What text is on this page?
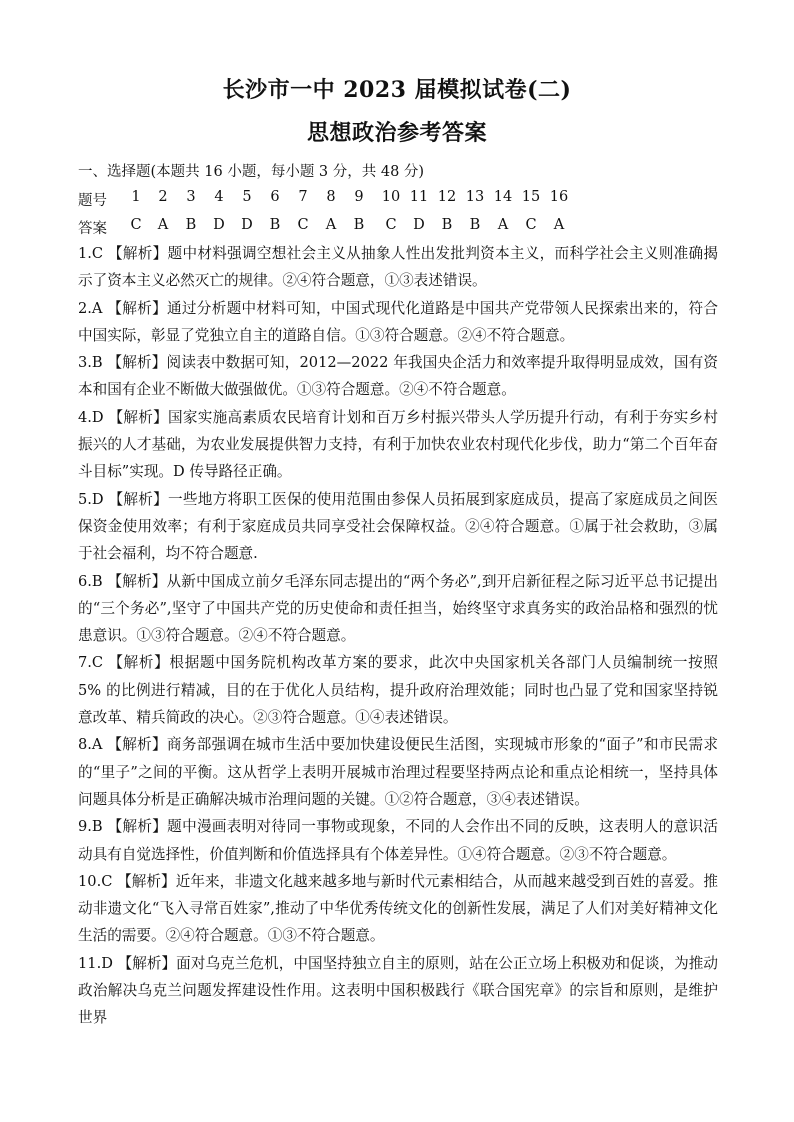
长沙市一中 2023 届模拟试卷(二)
思想政治参考答案
一、选择题(本题共 16 小题，每小题 3 分，共 48 分)
题号	1	2	3	4	5	6	7	8	9	10 11 12 13 14 15 16
答案	C	A	B	D	D	B	C	A	B	C	D	B	B	A	C	A

1.C 【解析】题中材料强调空想社会主义从抽象人性出发批判资本主义，而科学社会主义则准确揭示了资本主义必然灭亡的规律。②④符合题意，①③表述错误。

2.A 【解析】通过分析题中材料可知，中国式现代化道路是中国共产党带领人民探索出来的，符合中国实际，彰显了党独立自主的道路自信。①③符合题意。②④不符合题意。

3.B 【解析】阅读表中数据可知，2012—2022 年我国央企活力和效率提升取得明显成效，国有资本和国有企业不断做大做强做优。①③符合题意。②④不符合题意。

4.D 【解析】国家实施高素质农民培育计划和百万乡村振兴带头人学历提升行动，有利于夯实乡村振兴的人才基础，为农业发展提供智力支持，有利于加快农业农村现代化步伐，助力“第二个百年奋斗目标”实现。D 传导路径正确。

5.D 【解析】一些地方将职工医保的使用范围由参保人员拓展到家庭成员，提高了家庭成员之间医保资金使用效率；有利于家庭成员共同享受社会保障权益。②④符合题意。①属于社会救助，③属于社会福利，均不符合题意.

6.B 【解析】从新中国成立前夕毛泽东同志提出的“两个务必”,到开启新征程之际习近平总书记提出的“三个务必”,坚守了中国共产党的历史使命和责任担当，始终坚守求真务实的政治品格和强烈的忧患意识。①③符合题意。②④不符合题意。

7.C 【解析】根据题中国务院机构改革方案的要求，此次中央国家机关各部门人员编制统一按照 5% 的比例进行精减，目的在于优化人员结构，提升政府治理效能；同时也凸显了党和国家坚持锐意改革、精兵简政的决心。②③符合题意。①④表述错误。

8.A 【解析】商务部强调在城市生活中要加快建设便民生活图，实现城市形象的“面子”和市民需求的“里子”之间的平衡。这从哲学上表明开展城市治理过程要坚持两点论和重点论相统一，坚持具体问题具体分析是正确解决城市治理问题的关键。①②符合题意，③④表述错误。

9.B 【解析】题中漫画表明对待同一事物或现象，不同的人会作出不同的反映，这表明人的意识活动具有自觉选择性，价值判断和价值选择具有个体差异性。①④符合题意。②③不符合题意。

10.C 【解析】近年来，非遗文化越来越多地与新时代元素相结合，从而越来越受到百姓的喜爱。推动非遗文化“飞入寻常百姓家”,推动了中华优秀传统文化的创新性发展，满足了人们对美好精神文化生活的需要。②④符合题意。①③不符合题意。

11.D 【解析】面对乌克兰危机，中国坚持独立自主的原则，站在公正立场上积极劝和促谈，为推动政治解决乌克兰问题发挥建设性作用。这表明中国积极践行《联合国宪章》的宗旨和原则，是维护世界
